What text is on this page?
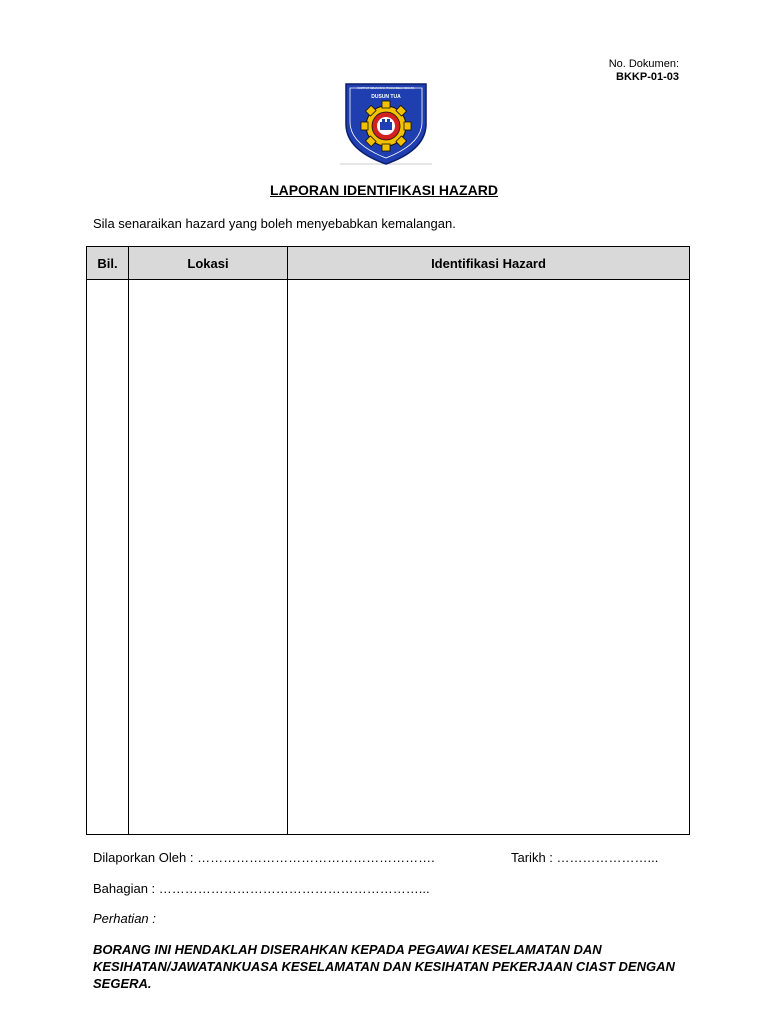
No. Dokumen:
BKKP-01-03
INSTITUT KEMAHIRAN TINGGI BELIA NEGARA
DUSUN TUA
LAPORAN IDENTIFIKASI HAZARD
Sila senaraikan hazard yang boleh menyebabkan kemalangan.
Bil.	Lokasi	Identifikasi Hazard

Dilaporkan Oleh : ……………………………………………….	Tarikh : …………………...
Bahagian : ……………………………………………………...
Perhatian :
BORANG INI HENDAKLAH DISERAHKAN KEPADA PEGAWAI KESELAMATAN DAN KESIHATAN/JAWATANKUASA KESELAMATAN DAN KESIHATAN PEKERJAAN CIAST DENGAN SEGERA.
